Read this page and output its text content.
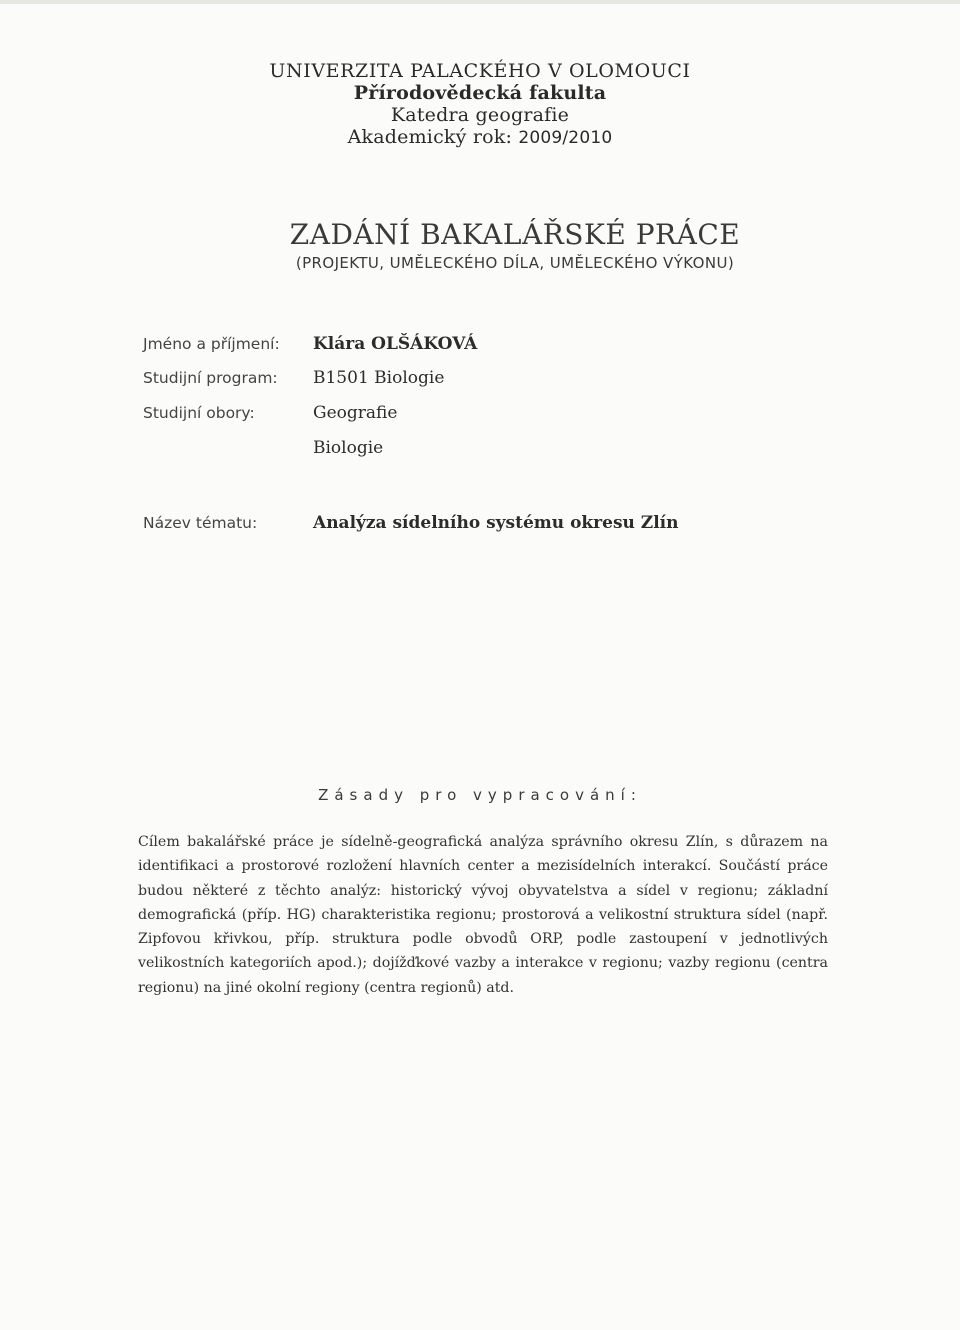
UNIVERZITA PALACKÉHO V OLOMOUCI
Přírodovědecká fakulta
Katedra geografie
Akademický rok: 2009/2010
ZADÁNÍ BAKALÁŘSKÉ PRÁCE
(PROJEKTU, UMĚLECKÉHO DÍLA, UMĚLECKÉHO VÝKONU)
Jméno a příjmení: Klára OLŠÁKOVÁ
Studijní program: B1501 Biologie
Studijní obory:	Geografie
Biologie
Název tématu:	Analýza sídelního systému okresu Zlín
Zásady pro vypracování:
Cílem bakalářské práce je sídelně-geografická analýza správního okresu Zlín, s důrazem na identifikaci a prostorové rozložení hlavních center a mezisídelních interakcí. Součástí práce budou některé z těchto analýz: historický vývoj obyvatelstva a sídel v regionu; základní demografická (příp. HG) charakteristika regionu; prostorová a velikostní struktura sídel (např. Zipfovou křivkou, příp. struktura podle obvodů ORP, podle zastoupení v jednotlivých velikostních kategoriích apod.); dojížďkové vazby a interakce v regionu; vazby regionu (centra regionu) na jiné okolní regiony (centra regionů) atd.
